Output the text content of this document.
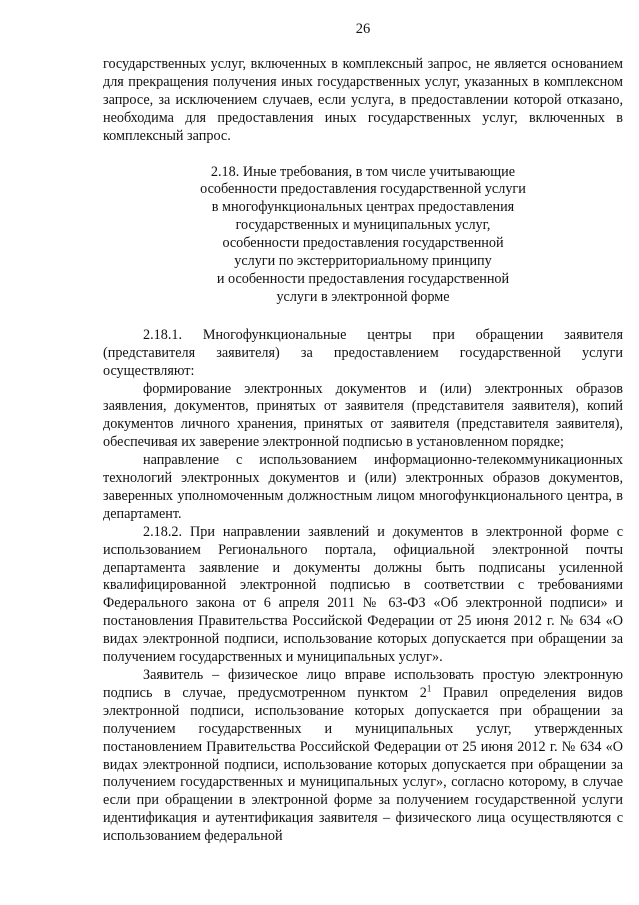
26

государственных услуг, включенных в комплексный запрос, не является основанием для прекращения получения иных государственных услуг, указанных в комплексном запросе, за исключением случаев, если услуга, в предоставлении которой отказано, необходима для предоставления иных государственных услуг, включенных в комплексный запрос.

2.18. Иные требования, в том числе учитывающие
особенности предоставления государственной услуги
в многофункциональных центрах предоставления
государственных и муниципальных услуг,
особенности предоставления государственной
услуги по экстерриториальному принципу
и особенности предоставления государственной
услуги в электронной форме

2.18.1. Многофункциональные центры при обращении заявителя (представителя заявителя) за предоставлением государственной услуги осуществляют:

формирование электронных документов и (или) электронных образов заявления, документов, принятых от заявителя (представителя заявителя), копий документов личного хранения, принятых от заявителя (представителя заявителя), обеспечивая их заверение электронной подписью в установленном порядке;

направление с использованием информационно-телекоммуникационных технологий электронных документов и (или) электронных образов документов, заверенных уполномоченным должностным лицом многофункционального центра, в департамент.

2.18.2. При направлении заявлений и документов в электронной форме с использованием Регионального портала, официальной электронной почты департамента заявление и документы должны быть подписаны усиленной квалифицированной электронной подписью в соответствии с требованиями Федерального закона от 6 апреля 2011 № 63-ФЗ «Об электронной подписи» и постановления Правительства Российской Федерации от 25 июня 2012 г. № 634 «О видах электронной подписи, использование которых допускается при обращении за получением государственных и муниципальных услуг».

Заявитель – физическое лицо вправе использовать простую электронную подпись в случае, предусмотренном пунктом $2^1$ Правил определения видов электронной подписи, использование которых допускается при обращении за получением государственных и муниципальных услуг, утвержденных постановлением Правительства Российской Федерации от 25 июня 2012 г. № 634 «О видах электронной подписи, использование которых допускается при обращении за получением государственных и муниципальных услуг», согласно которому, в случае если при обращении в электронной форме за получением государственной услуги идентификация и аутентификация заявителя – физического лица осуществляются с использованием федеральной
